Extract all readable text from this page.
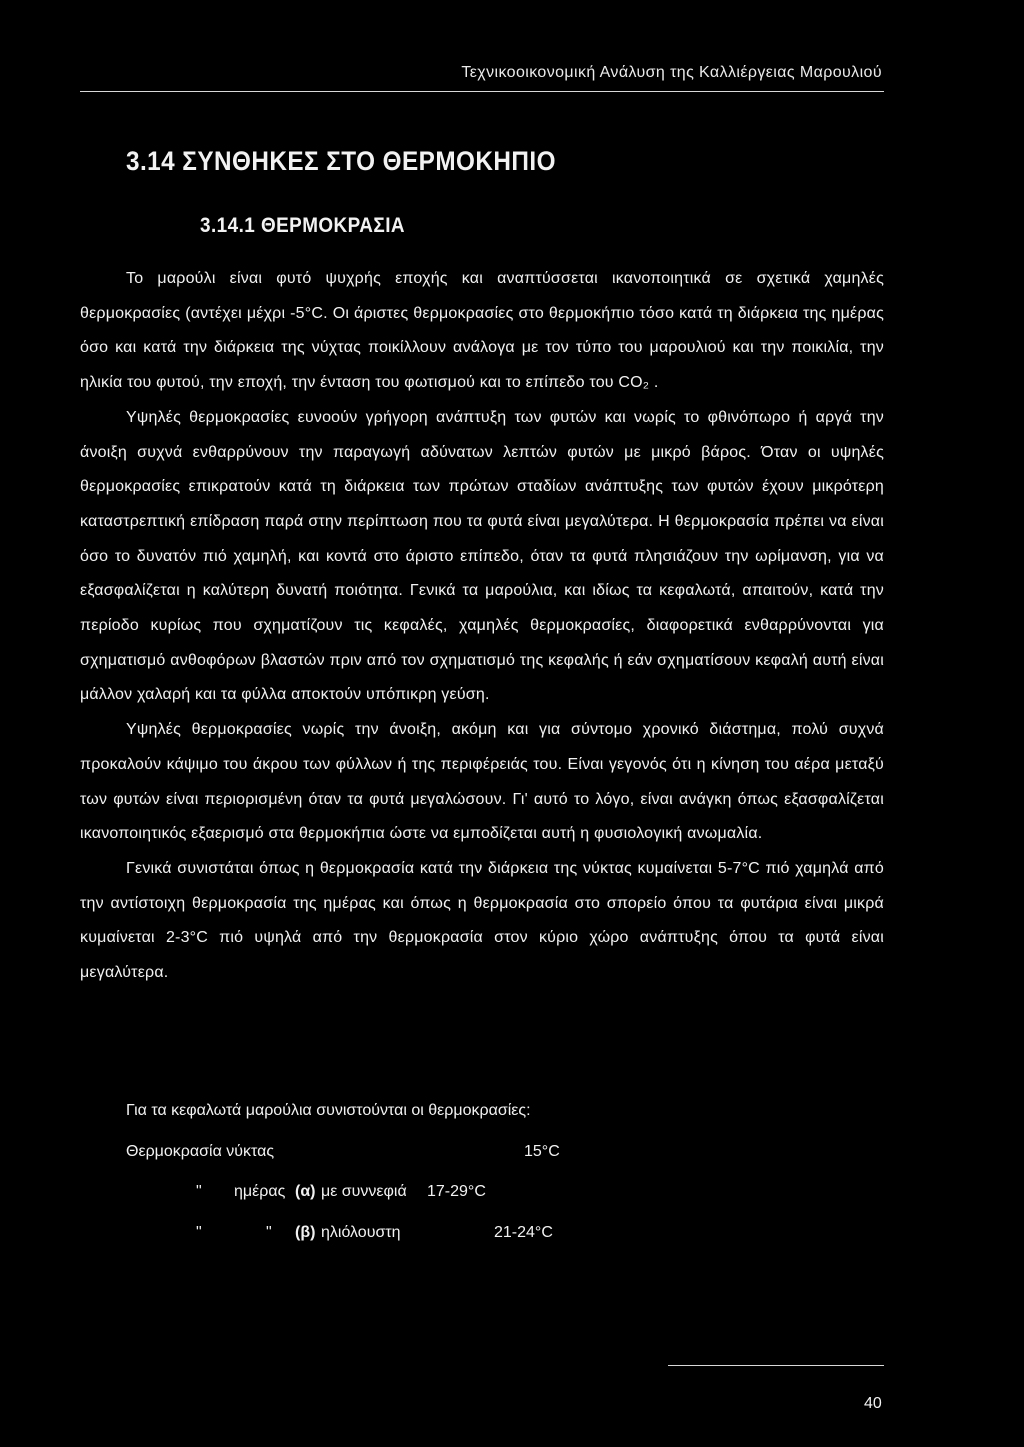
Τεχνικοοικονομική Ανάλυση της Καλλιέργειας Μαρουλιού
3.14 ΣΥΝΘΗΚΕΣ ΣΤΟ ΘΕΡΜΟΚΗΠΙΟ
3.14.1 ΘΕΡΜΟΚΡΑΣΙΑ

Το μαρούλι είναι φυτό ψυχρής εποχής και αναπτύσσεται ικανοποιητικά σε σχετικά χαμηλές θερμοκρασίες (αντέχει μέχρι -5°C. Οι άριστες θερμοκρασίες στο θερμοκήπιο τόσο κατά τη διάρκεια της ημέρας όσο και κατά την διάρκεια της νύχτας ποικίλλουν ανάλογα με τον τύπο του μαρουλιού και την ποικιλία, την ηλικία του φυτού, την εποχή, την ένταση του φωτισμού και το επίπεδο του CO₂ .

Υψηλές θερμοκρασίες ευνοούν γρήγορη ανάπτυξη των φυτών και νωρίς το φθινόπωρο ή αργά την άνοιξη συχνά ενθαρρύνουν την παραγωγή αδύνατων λεπτών φυτών με μικρό βάρος. Όταν οι υψηλές θερμοκρασίες επικρατούν κατά τη διάρκεια των πρώτων σταδίων ανάπτυξης των φυτών έχουν μικρότερη καταστρεπτική επίδραση παρά στην περίπτωση που τα φυτά είναι μεγαλύτερα. Η θερμοκρασία πρέπει να είναι όσο το δυνατόν πιό χαμηλή, και κοντά στο άριστο επίπεδο, όταν τα φυτά πλησιάζουν την ωρίμανση, για να εξασφαλίζεται η καλύτερη δυνατή ποιότητα. Γενικά τα μαρούλια, και ιδίως τα κεφαλωτά, απαιτούν, κατά την περίοδο κυρίως που σχηματίζουν τις κεφαλές, χαμηλές θερμοκρασίες, διαφορετικά ενθαρρύνονται για σχηματισμό ανθοφόρων βλαστών πριν από τον σχηματισμό της κεφαλής ή εάν σχηματίσουν κεφαλή αυτή είναι μάλλον χαλαρή και τα φύλλα αποκτούν υπόπικρη γεύση.

Υψηλές θερμοκρασίες νωρίς την άνοιξη, ακόμη και για σύντομο χρονικό διάστημα, πολύ συχνά προκαλούν κάψιμο του άκρου των φύλλων ή της περιφέρειάς του. Είναι γεγονός ότι η κίνηση του αέρα μεταξύ των φυτών είναι περιορισμένη όταν τα φυτά μεγαλώσουν. Γι' αυτό το λόγο, είναι ανάγκη όπως εξασφαλίζεται ικανοποιητικός εξαερισμό στα θερμοκήπια ώστε να εμποδίζεται αυτή η φυσιολογική ανωμαλία.

Γενικά συνιστάται όπως η θερμοκρασία κατά την διάρκεια της νύκτας κυμαίνεται 5-7°C πιό χαμηλά από την αντίστοιχη θερμοκρασία της ημέρας και όπως η θερμοκρασία στο σπορείο όπου τα φυτάρια είναι μικρά κυμαίνεται 2-3°C πιό υψηλά από την θερμοκρασία στον κύριο χώρο ανάπτυξης όπου τα φυτά είναι μεγαλύτερα.

Για τα κεφαλωτά μαρούλια συνιστούνται οι θερμοκρασίες:
Θερμοκρασία νύκτας	15°C
" ημέρας (α) με συννεφιά 17-29°C
"	" (β) ηλιόλουστη	21-24°C
40
